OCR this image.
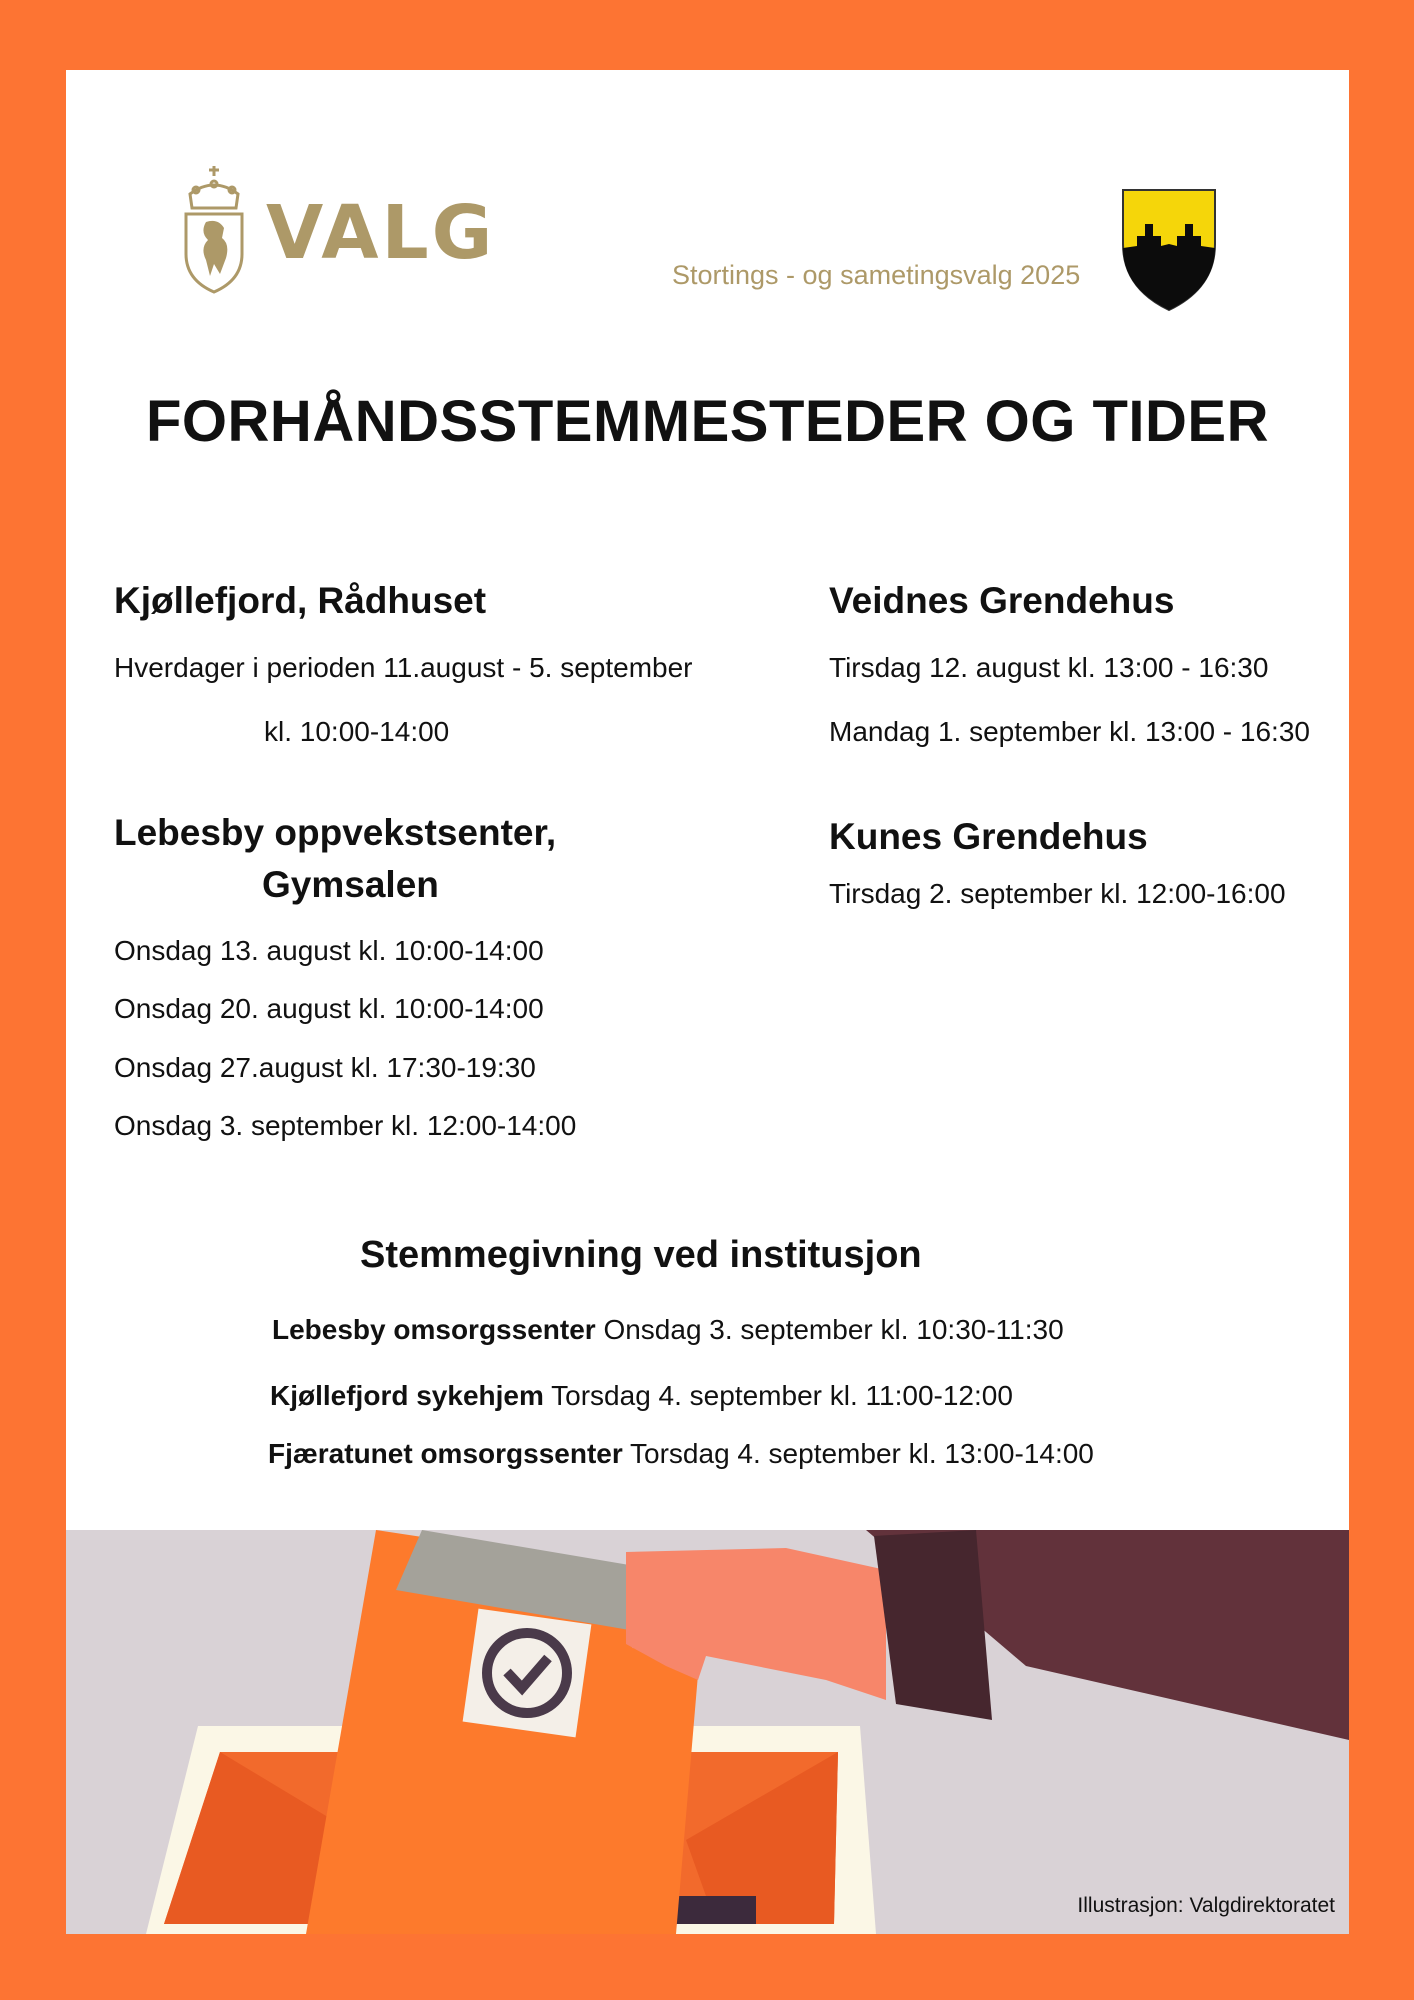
VALG	Stortings - og sametingsvalg 2025
FORHÅNDSSTEMMESTEDER OG TIDER
Kjøllefjord, Rådhuset
Hverdager i perioden 11.august - 5. september
kl. 10:00-14:00
Lebesby oppvekstsenter,
Gymsalen
Onsdag 13. august kl. 10:00-14:00
Onsdag 20. august kl. 10:00-14:00
Onsdag 27.august kl. 17:30-19:30
Onsdag 3. september kl. 12:00-14:00
Veidnes Grendehus
Tirsdag 12. august kl. 13:00 - 16:30
Mandag 1. september kl. 13:00 - 16:30
Kunes Grendehus
Tirsdag 2. september kl. 12:00-16:00
Stemmegivning ved institusjon
Lebesby omsorgssenter Onsdag 3. september kl. 10:30-11:30
Kjøllefjord sykehjem Torsdag 4. september kl. 11:00-12:00
Fjæratunet omsorgssenter Torsdag 4. september kl. 13:00-14:00
Illustrasjon: Valgdirektoratet
